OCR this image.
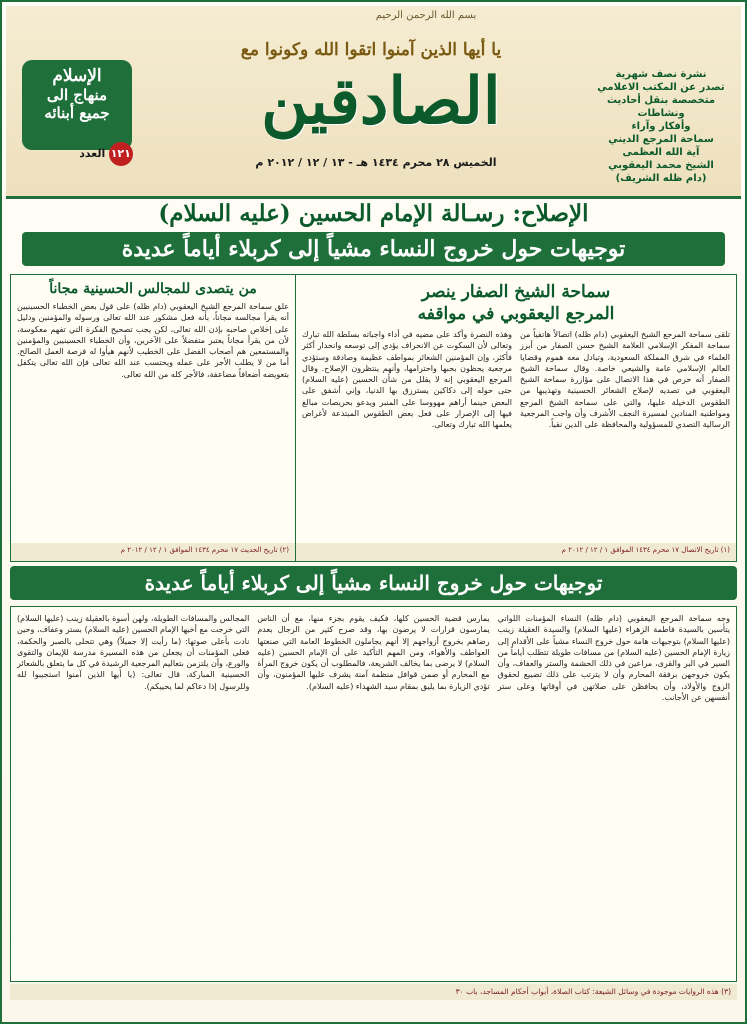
بسم الله الرحمن الرحيم
يا أيها الذين آمنوا اتقوا الله وكونوا مع
الصادقين
الخميس ٢٨ محرم ١٤٣٤ هـ - ١٣ / ١٢ / ٢٠١٢ م
الإسلام
منهاج الى
جميع أبنائه
١٢١ العدد
نشرة نصف شهرية
تصدر عن المكتب الاعلامي
متخصصة بنقل أحاديث ونشاطات
وأفكار وآراء
سماحة المرجع الديني
آية الله العظمى
الشيخ محمد اليعقوبي
(دام ظله الشريف)
الإصلاح: رسـالة الإمام الحسين (عليه السلام)
توجيهات حول خروج النساء مشياً إلى كربلاء أياماً عديدة
سماحة الشيخ الصفار ينصر
المرجع اليعقوبي في مواقفه

تلقى سماحة المرجع الشيخ اليعقوبي (دام ظله) اتصالاً هاتفياً من سماحة المفكر الإسلامي العلامة الشيخ حسن الصفار من أبرز العلماء في شرق المملكة السعودية، وتبادل معه هموم وقضايا العالم الإسلامي عامة والشيعي خاصة. وقال سماحة الشيخ الصفار أنه حرص في هذا الاتصال على مؤازرة سماحة الشيخ اليعقوبي في تصديه لإصلاح الشعائر الحسينية وتهذيبها من الطقوس الدخيلة عليها، والتي على سماحة الشيخ المرجع ومواطنيه المنادين لمسيرة النجف الأشرف وأن واجب المرجعية الرسالية التصدي للمسؤولية والمحافظة على الدين نقياً.

وهذه النصرة وأكد على مضيه في أداء واجباته بسلطة الله تبارك وتعالى لأن السكوت عن الانحراف يؤدي إلى توسعه وانحدار أكثر فأكثر، وإن المؤمنين الشعائر بمواطف عظيمة وصادقة وستؤدي مرجعية يحظون بحبها واحترامها، وأنهم ينتظرون الإصلاح. وقال المرجع اليعقوبي إنه لا يقلل من شأن الحسين (عليه السلام) حتى حوله إلى دكاكين يسترزق بها الدنيا، وإني أشفق على البعض حينما أراهم مهووسا على المنبر ويدعو بحريصات مبالغ فيها إلى الإصرار على فعل بعض الطقوس المبتدعة لأغراض يعلمها الله تبارك وتعالى.

(١) تاريخ الاتصال ١٧ محرم ١٤٣٤ الموافق ١ / ١٢ / ٢٠١٢ م
من يتصدى للمجالس الحسينية مجاناً

علق سماحة المرجع الشيخ اليعقوبي (دام ظله) على قول بعض الخطباء الحسينيين أنه يقرأ مجالسه مجاناً، بأنه فعل مشكور عند الله تعالى ورسوله والمؤمنين ودليل على إخلاص صاحبه بإذن الله تعالى، لكن يجب تصحيح الفكرة التي تفهم معكوسة، لأن من يقرأ مجاناً يعتبر متفضلاً على الآخرين، وأن الخطباء الحسينيين والمؤمنين والمستمعين هم أصحاب الفضل على الخطيب لأنهم هيأوا له فرصة العمل الصالح. أما من لا يطلب الأجر على عمله ويحتسب عند الله تعالى فإن الله تعالى يتكفل بتعويضه أضعافاً مضاعفة، فالأجر كله من الله تعالى.

(٢) تاريخ الحديث ١٧ محرم ١٤٣٤ الموافق ١ / ١٢ / ٢٠١٢ م
توجيهات حول خروج النساء مشياً إلى كربلاء أياماً عديدة

وجه سماحة المرجع اليعقوبي (دام ظله) النساء المؤمنات اللواتي يتأسين بالسيدة فاطمة الزهراء (عليها السلام) والسيدة العقيلة زينب (عليها السلام) بتوجيهات هامة حول خروج النساء مشياً على الأقدام إلى زيارة الإمام الحسين (عليه السلام) من مسافات طويلة تتطلب أياماً من السير في البر والقرى، مراعين في ذلك الحشمة والستر والعفاف، وأن يكون خروجهن برفقة المحارم وأن لا يترتب على ذلك تضييع لحقوق الزوج والأولاد، وأن يحافظن على صلاتهن في أوقاتها وعلى ستر أنفسهن عن الأجانب.

يمارس قضية الحسين كلها، فكيف يقوم بجزء منها، مع أن الناس يمارسون قرارات لا يرضون بها، وقد صرح كثير من الرجال بعدم رضاهم بخروج أزواجهم إلا أنهم يجاملون الخطوط العامة التي صنعتها العواطف والأهواء، ومن المهم التأكيد على أن الإمام الحسين (عليه السلام) لا يرضى بما يخالف الشريعة، فالمطلوب أن يكون خروج المرأة مع المحارم أو ضمن قوافل منظمة آمنة يشرف عليها المؤمنون، وأن تؤدي الزيارة بما يليق بمقام سيد الشهداء (عليه السلام).

المجالس والمسافات الطويلة، ولهن أسوة بالعقيلة زينب (عليها السلام) التي خرجت مع أخيها الإمام الحسين (عليه السلام) بستر وعفاف، وحين نادت بأعلى صوتها: (ما رأيت إلا جميلاً) وهي تتحلى بالصبر والحكمة، فعلى المؤمنات أن يجعلن من هذه المسيرة مدرسة للإيمان والتقوى والورع، وأن يلتزمن بتعاليم المرجعية الرشيدة في كل ما يتعلق بالشعائر الحسينية المباركة، قال تعالى: (يا أيها الذين آمنوا استجيبوا لله وللرسول إذا دعاكم لما يحييكم).

(٣) هذه الروايات موجودة في وسائل الشيعة: كتاب الصلاة، أبواب أحكام المساجد، باب ٣٠
